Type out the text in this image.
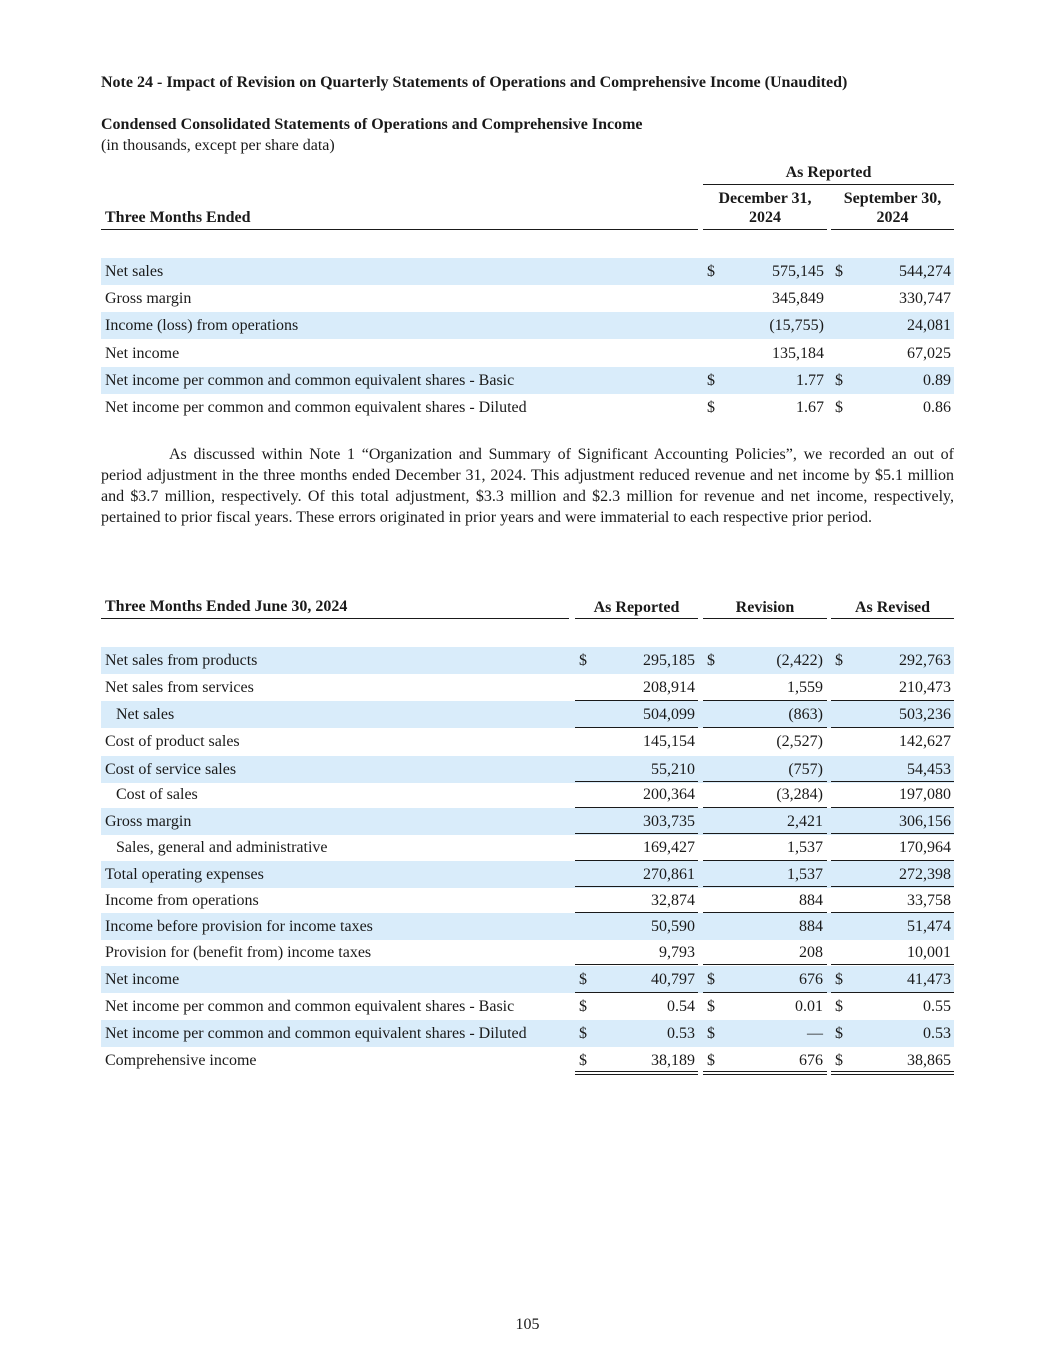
Note 24 - Impact of Revision on Quarterly Statements of Operations and Comprehensive Income (Unaudited)
Condensed Consolidated Statements of Operations and Comprehensive Income
(in thousands, except per share data)
As Reported
December 31, 2024
September 30, 2024
Three Months Ended
Net sales	$	575,145 $	544,274
Gross margin	345,849	330,747
Income (loss) from operations	(15,755)	24,081
Net income	135,184	67,025
Net income per common and common equivalent shares - Basic	$	1.77 $	0.89
Net income per common and common equivalent shares - Diluted	$	1.67 $	0.86
As discussed within Note 1 “Organization and Summary of Significant Accounting Policies”, we recorded an out of period adjustment in the three months ended December 31, 2024. This adjustment reduced revenue and net income by $5.1 million and $3.7 million, respectively. Of this total adjustment, $3.3 million and $2.3 million for revenue and net income, respectively, pertained to prior fiscal years. These errors originated in prior years and were immaterial to each respective prior period.
Three Months Ended June 30, 2024	As Reported	Revision	As Revised
Net sales from products	$	295,185 $	(2,422) $	292,763
Net sales from services	208,914	1,559	210,473
Net sales	504,099	(863)	503,236
Cost of product sales	145,154	(2,527)	142,627
Cost of service sales	55,210	(757)	54,453
Cost of sales	200,364	(3,284)	197,080
Gross margin	303,735	2,421	306,156
Sales, general and administrative	169,427	1,537	170,964
Total operating expenses	270,861	1,537	272,398
Income from operations	32,874	884	33,758
Income before provision for income taxes	50,590	884	51,474
Provision for (benefit from) income taxes	9,793	208	10,001
Net income	$	40,797 $	676 $	41,473
Net income per common and common equivalent shares - Basic	$	0.54 $	0.01 $	0.55
Net income per common and common equivalent shares - Diluted	$	0.53 $	— $	0.53
Comprehensive income	$	38,189 $	676 $	38,865
105
